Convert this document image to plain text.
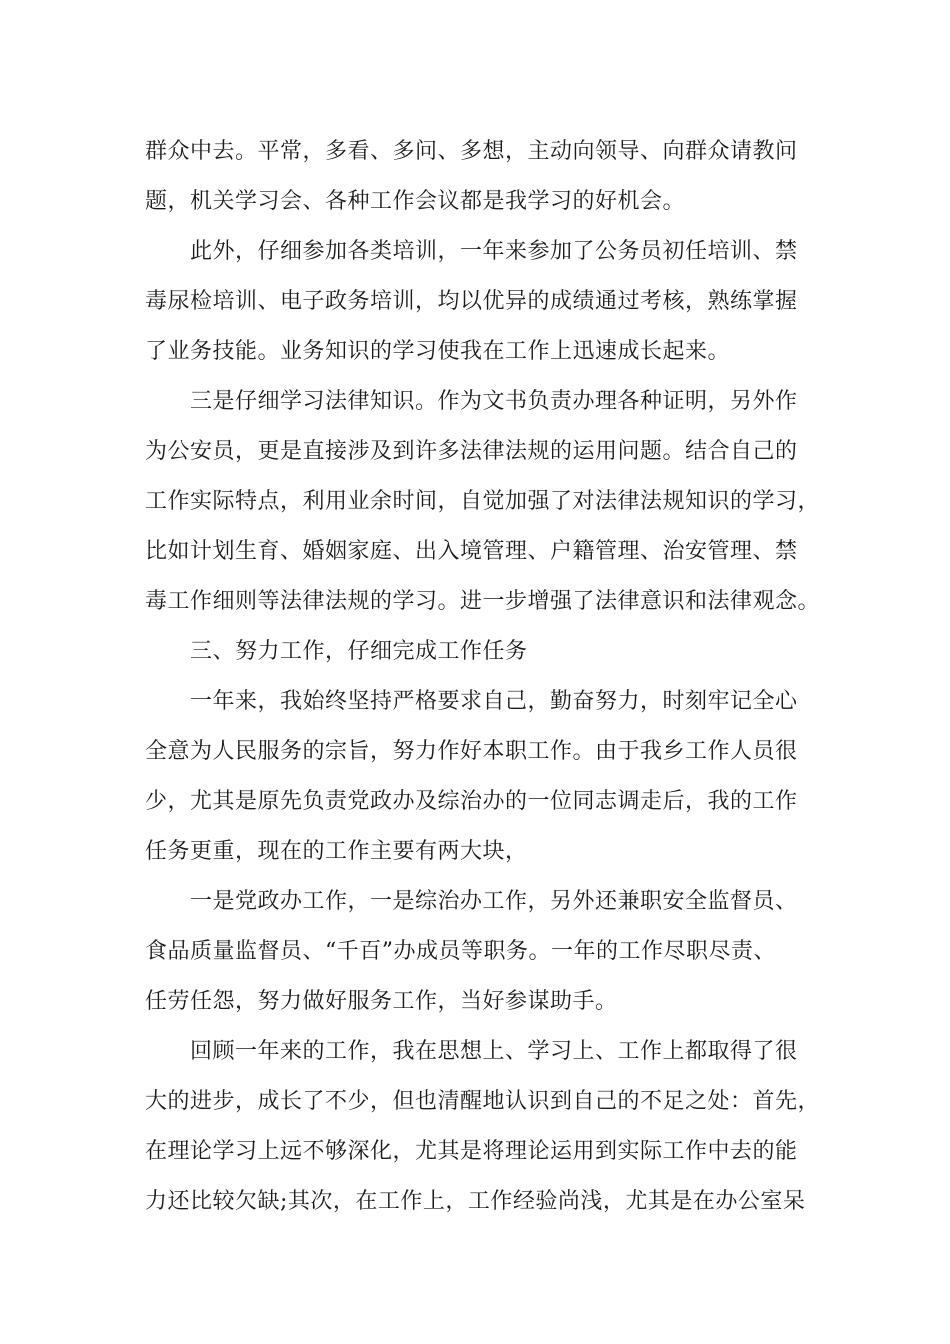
群众中去。平常，多看、多问、多想，主动向领导、向群众请教问
题，机关学习会、各种工作会议都是我学习的好机会。
此外，仔细参加各类培训，一年来参加了公务员初任培训、禁
毒尿检培训、电子政务培训，均以优异的成绩通过考核，熟练掌握
了业务技能。业务知识的学习使我在工作上迅速成长起来。
三是仔细学习法律知识。作为文书负责办理各种证明，另外作
为公安员，更是直接涉及到许多法律法规的运用问题。结合自己的
工作实际特点，利用业余时间，自觉加强了对法律法规知识的学习，
比如计划生育、婚姻家庭、出入境管理、户籍管理、治安管理、禁
毒工作细则等法律法规的学习。进一步增强了法律意识和法律观念。
三、努力工作，仔细完成工作任务
一年来，我始终坚持严格要求自己，勤奋努力，时刻牢记全心
全意为人民服务的宗旨，努力作好本职工作。由于我乡工作人员很
少，尤其是原先负责党政办及综治办的一位同志调走后，我的工作
任务更重，现在的工作主要有两大块，
一是党政办工作，一是综治办工作，另外还兼职安全监督员、
食品质量监督员、“千百”办成员等职务。一年的工作尽职尽责、
任劳任怨，努力做好服务工作，当好参谋助手。
回顾一年来的工作，我在思想上、学习上、工作上都取得了很
大的进步，成长了不少，但也清醒地认识到自己的不足之处：首先，
在理论学习上远不够深化，尤其是将理论运用到实际工作中去的能
力还比较欠缺;其次，在工作上，工作经验尚浅，尤其是在办公室呆
